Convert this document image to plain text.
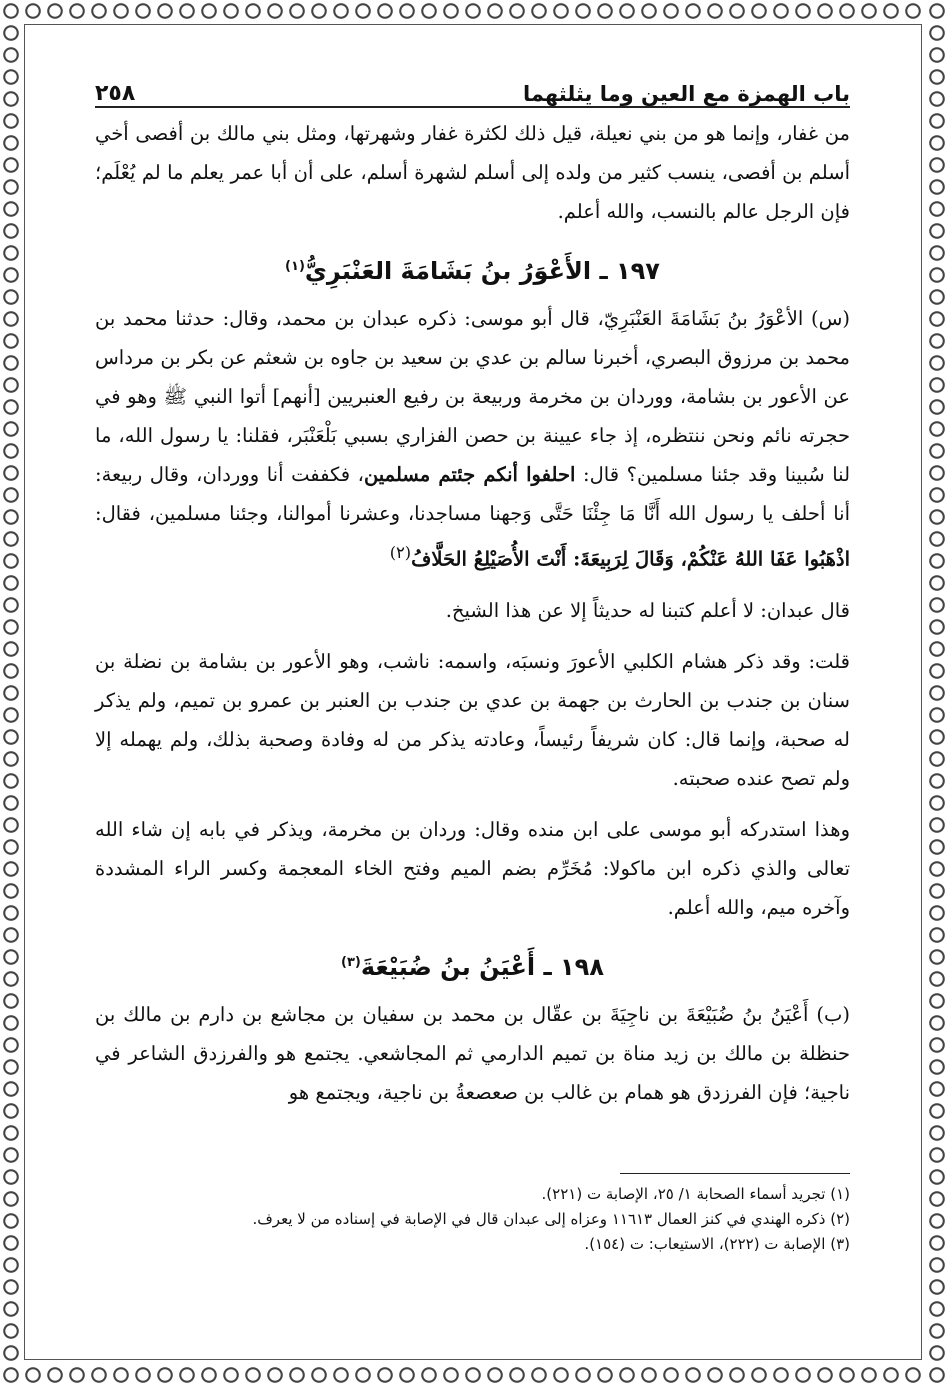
باب الهمزة مع العين وما يثلثهما
٢٥٨

من غفار، وإنما هو من بني نعيلة، قيل ذلك لكثرة غفار وشهرتها، ومثل بني مالك بن أفصى أخي أسلم بن أفصى، ينسب كثير من ولده إلى أسلم لشهرة أسلم، على أن أبا عمر يعلم ما لم يُعْلَم؛ فإن الرجل عالم بالنسب، والله أعلم.

١٩٧ ـ الأَعْوَرُ بنُ بَشَامَةَ العَنْبَرِيُّ$^{(١)}$

(س) الأعْوَرُ بنُ بَشَامَةَ العَنْبَرِيّ، قال أبو موسى: ذكره عبدان بن محمد، وقال: حدثنا محمد بن محمد بن مرزوق البصري، أخبرنا سالم بن عدي بن سعيد بن جاوه بن شعثم عن بكر بن مرداس عن الأعور بن بشامة، ووردان بن مخرمة وربيعة بن رفيع العنبريين [أنهم] أتوا النبي ﷺ وهو في حجرته نائم ونحن ننتظره، إذ جاء عيينة بن حصن الفزاري بسبي بَلْعَنْبَر، فقلنا: يا رسول الله، ما لنا سُبينا وقد جئنا مسلمين؟ قال: احلفوا أنكم جئتم مسلمين، فكففت أنا ووردان، وقال ربيعة: أنا أحلف يا رسول الله أَنَّا مَا جِئْنَا حَتَّى وَجهنا مساجدنا، وعشرنا أموالنا، وجئنا مسلمين، فقال: اذْهَبُوا عَفَا اللهُ عَنْكُمْ، وَقَالَ لِرَبِيعَةَ: أَنْتَ الأُصَيْلِعُ الحَلَّافُ$^{(٢)}$

قال عبدان: لا أعلم كتبنا له حديثاً إلا عن هذا الشيخ.

قلت: وقد ذكر هشام الكلبي الأعورَ ونسبَه، واسمه: ناشب، وهو الأعور بن بشامة بن نضلة بن سنان بن جندب بن الحارث بن جهمة بن عدي بن جندب بن العنبر بن عمرو بن تميم، ولم يذكر له صحبة، وإنما قال: كان شريفاً رئيساً، وعادته يذكر من له وفادة وصحبة بذلك، ولم يهمله إلا ولم تصح عنده صحبته.

وهذا استدركه أبو موسى على ابن منده وقال: وردان بن مخرمة، ويذكر في بابه إن شاء الله تعالى والذي ذكره ابن ماكولا: مُخَرِّم بضم الميم وفتح الخاء المعجمة وكسر الراء المشددة وآخره ميم، والله أعلم.

١٩٨ ـ أَعْيَنُ بنُ ضُبَيْعَةَ$^{(٣)}$

(ب) أَعْيَنُ بنُ ضُبَيْعَةَ بن ناجِيَةَ بن عقّال بن محمد بن سفيان بن مجاشع بن دارم بن مالك بن حنظلة بن مالك بن زيد مناة بن تميم الدارمي ثم المجاشعي. يجتمع هو والفرزدق الشاعر في ناجية؛ فإن الفرزدق هو همام بن غالب بن صعصعةُ بن ناجية، ويجتمع هو

(١) تجريد أسماء الصحابة ١/ ٢٥، الإصابة ت (٢٢١).

(٢) ذكره الهندي في كنز العمال ١١٦١٣ وعزاه إلى عبدان قال في الإصابة في إسناده من لا يعرف.

(٣) الإصابة ت (٢٢٢)، الاستيعاب: ت (١٥٤).
